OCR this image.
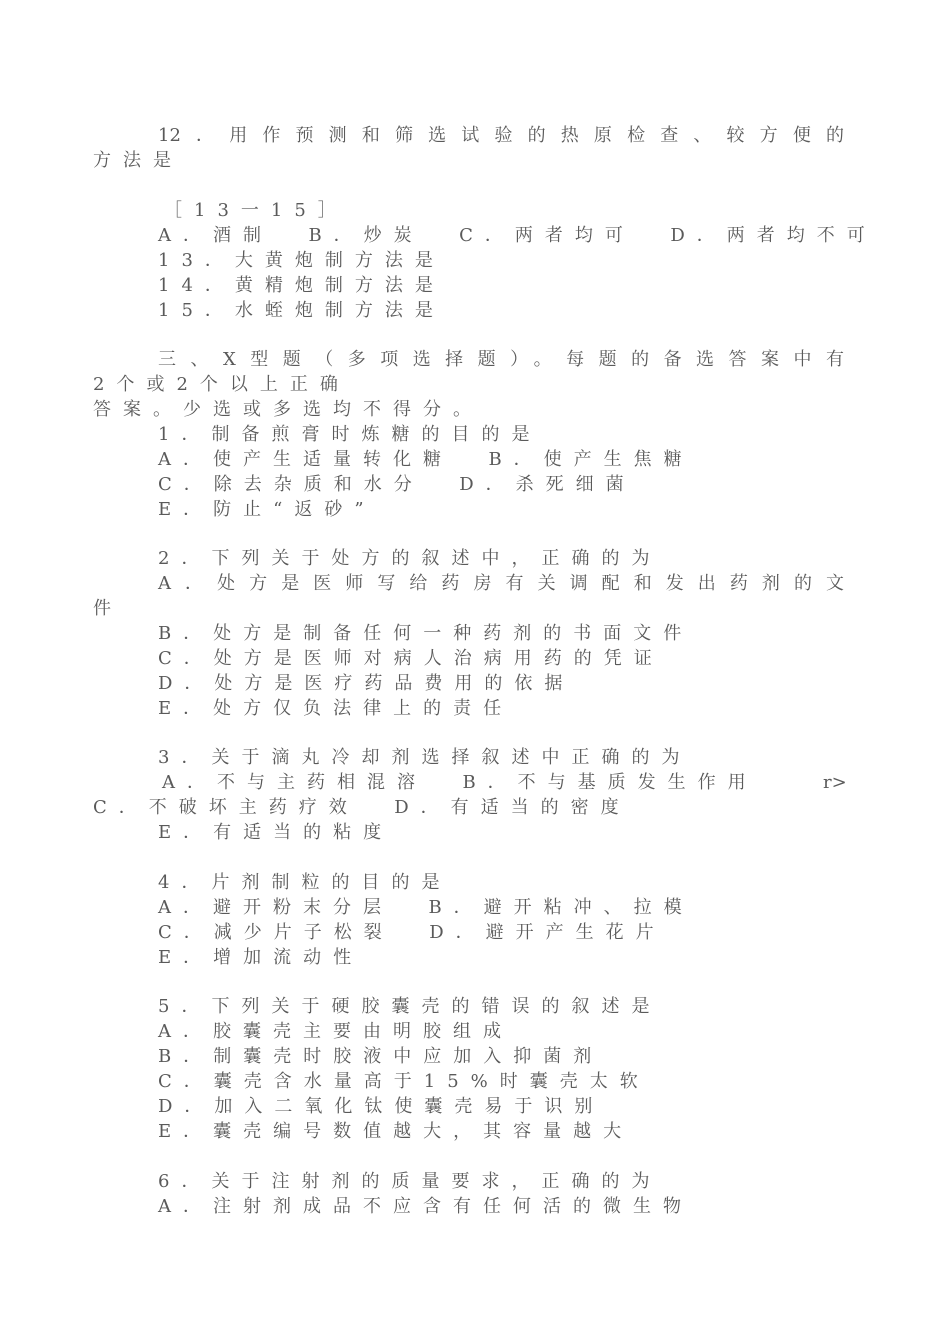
12．用作预测和筛选试验的热原检查、较方便的
方法是
［13一15］
A．酒制  B．炒炭  C．两者均可  D．两者均不可
13．大黄炮制方法是
14．黄精炮制方法是
15．水蛭炮制方法是
三、X型题（多项选择题）。每题的备选答案中有
2个或2个以上正确
答案。少选或多选均不得分。
1．制备煎膏时炼糖的目的是
A．使产生适量转化糖  B．使产生焦糖
C．除去杂质和水分  D．杀死细菌
E．防止“返砂”
2．下列关于处方的叙述中，正确的为
A．处方是医师写给药房有关调配和发出药剂的文
件
B．处方是制备任何一种药剂的书面文件
C．处方是医师对病人治病用药的凭证
D．处方是医疗药品费用的依据
E．处方仅负法律上的责任
3．关于滴丸冷却剂选择叙述中正确的为
A．不与主药相混溶  B．不与基质发生作用	r>
C．不破坏主药疗效  D．有适当的密度
E．有适当的粘度
4．片剂制粒的目的是
A．避开粉末分层  B．避开粘冲、拉模
C．减少片子松裂  D．避开产生花片
E．增加流动性
5．下列关于硬胶囊壳的错误的叙述是
A．胶囊壳主要由明胶组成
B．制囊壳时胶液中应加入抑菌剂
C．囊壳含水量高于15%时囊壳太软
D．加入二氧化钛使囊壳易于识别
E．囊壳编号数值越大，其容量越大
6．关于注射剂的质量要求，正确的为
A．注射剂成品不应含有任何活的微生物
